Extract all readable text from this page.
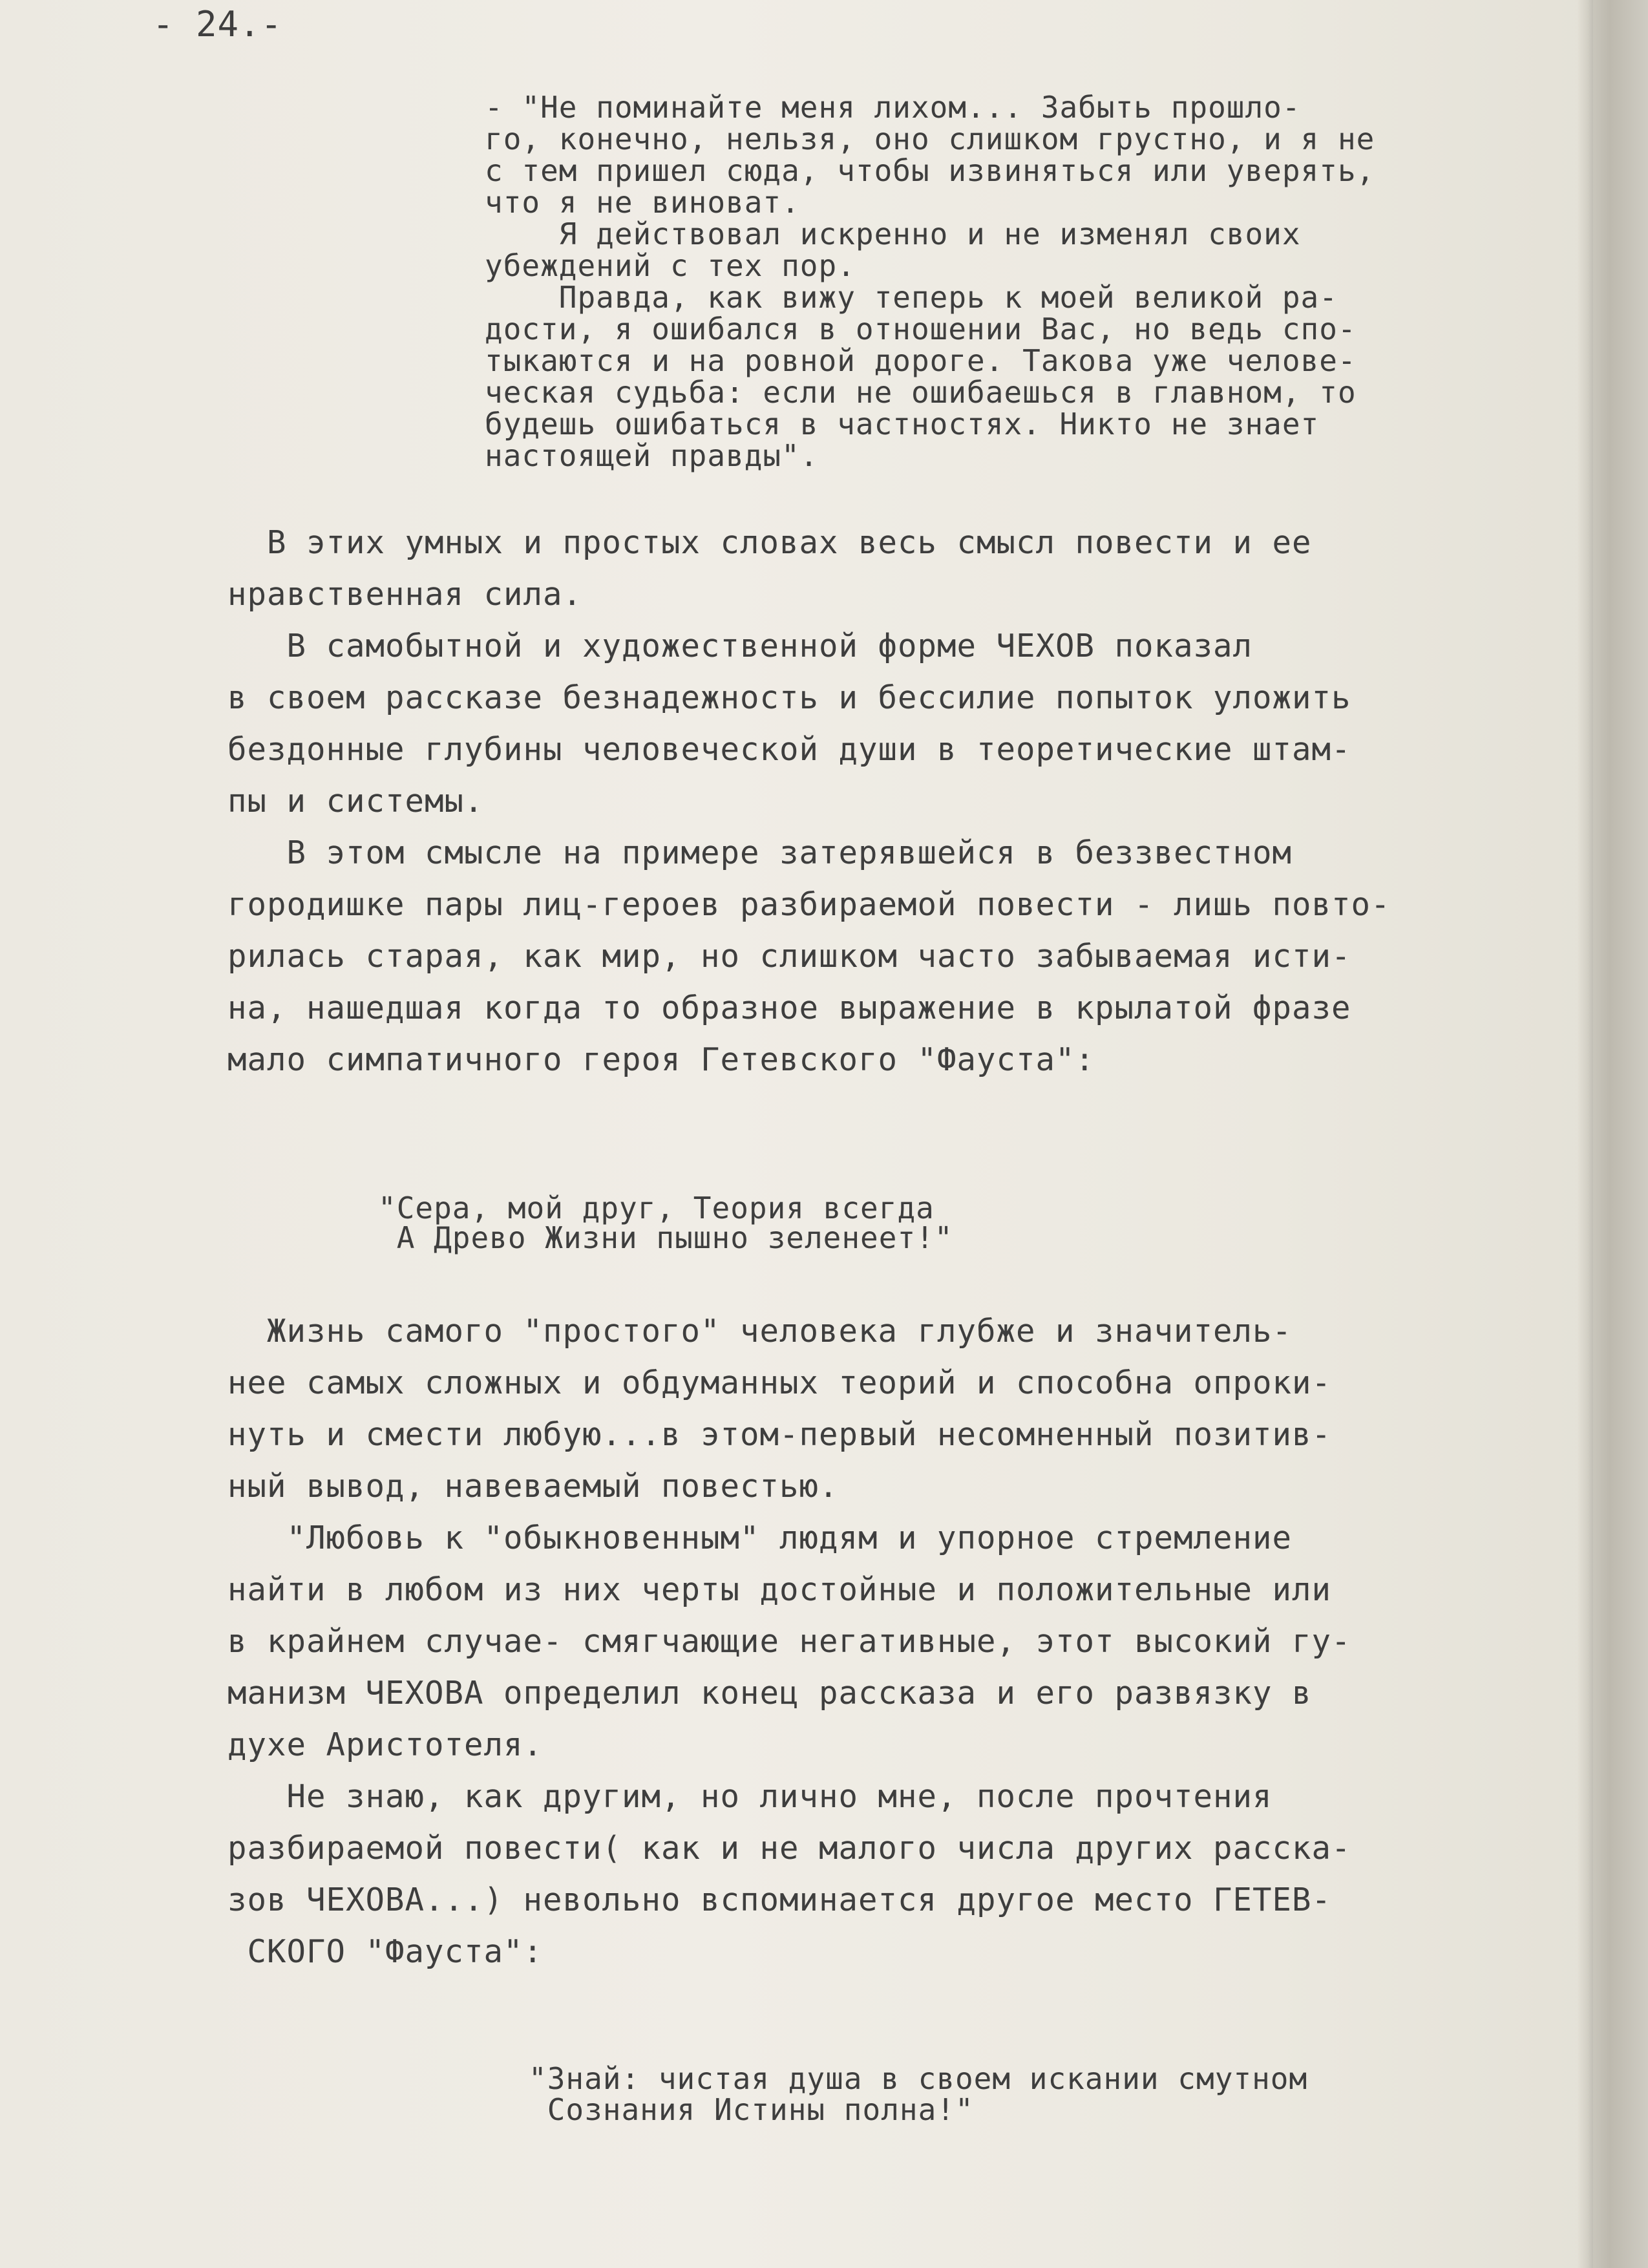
- 24.-
- "Не поминайте меня лихом... Забыть прошло-
го, конечно, нельзя, оно слишком грустно, и я не
с тем пришел сюда, чтобы извиняться или уверять,
что я не виноват.
Я действовал искренно и не изменял своих
убеждений с тех пор.
Правда, как вижу теперь к моей великой ра-
дости, я ошибался в отношении Вас, но ведь спо-
тыкаются и на ровной дороге. Такова уже челове-
ческая судьба: если не ошибаешься в главном, то
будешь ошибаться в частностях. Никто не знает
настоящей правды".
В этих умных и простых словах весь смысл повести и ее
нравственная сила.
В самобытной и художественной форме ЧЕХОВ показал
в своем рассказе безнадежность и бессилие попыток уложить
бездонные глубины человеческой души в теоретические штам-
пы и системы.
В этом смысле на примере затерявшейся в беззвестном
городишке пары лиц-героев разбираемой повести - лишь повто-
рилась старая, как мир, но слишком часто забываемая исти-
на, нашедшая когда то образное выражение в крылатой фразе
мало симпатичного героя Гетевского "Фауста":
"Сера, мой друг, Теория всегда
А Древо Жизни пышно зеленеет!"
Жизнь самого "простого" человека глубже и значитель-
нее самых сложных и обдуманных теорий и способна опроки-
нуть и смести любую...в этом-первый несомненный позитив-
ный вывод, навеваемый повестью.
"Любовь к "обыкновенным" людям и упорное стремление
найти в любом из них черты достойные и положительные или
в крайнем случае- смягчающие негативные, этот высокий гу-
манизм ЧЕХОВА определил конец рассказа и его развязку в
духе Аристотеля.
Не знаю, как другим, но лично мне, после прочтения
разбираемой повести( как и не малого числа других расска-
зов ЧЕХОВА...) невольно вспоминается другое место ГЕТЕВ-
СКОГО "Фауста":
"Знай: чистая душа в своем искании смутном
Сознания Истины полна!"
